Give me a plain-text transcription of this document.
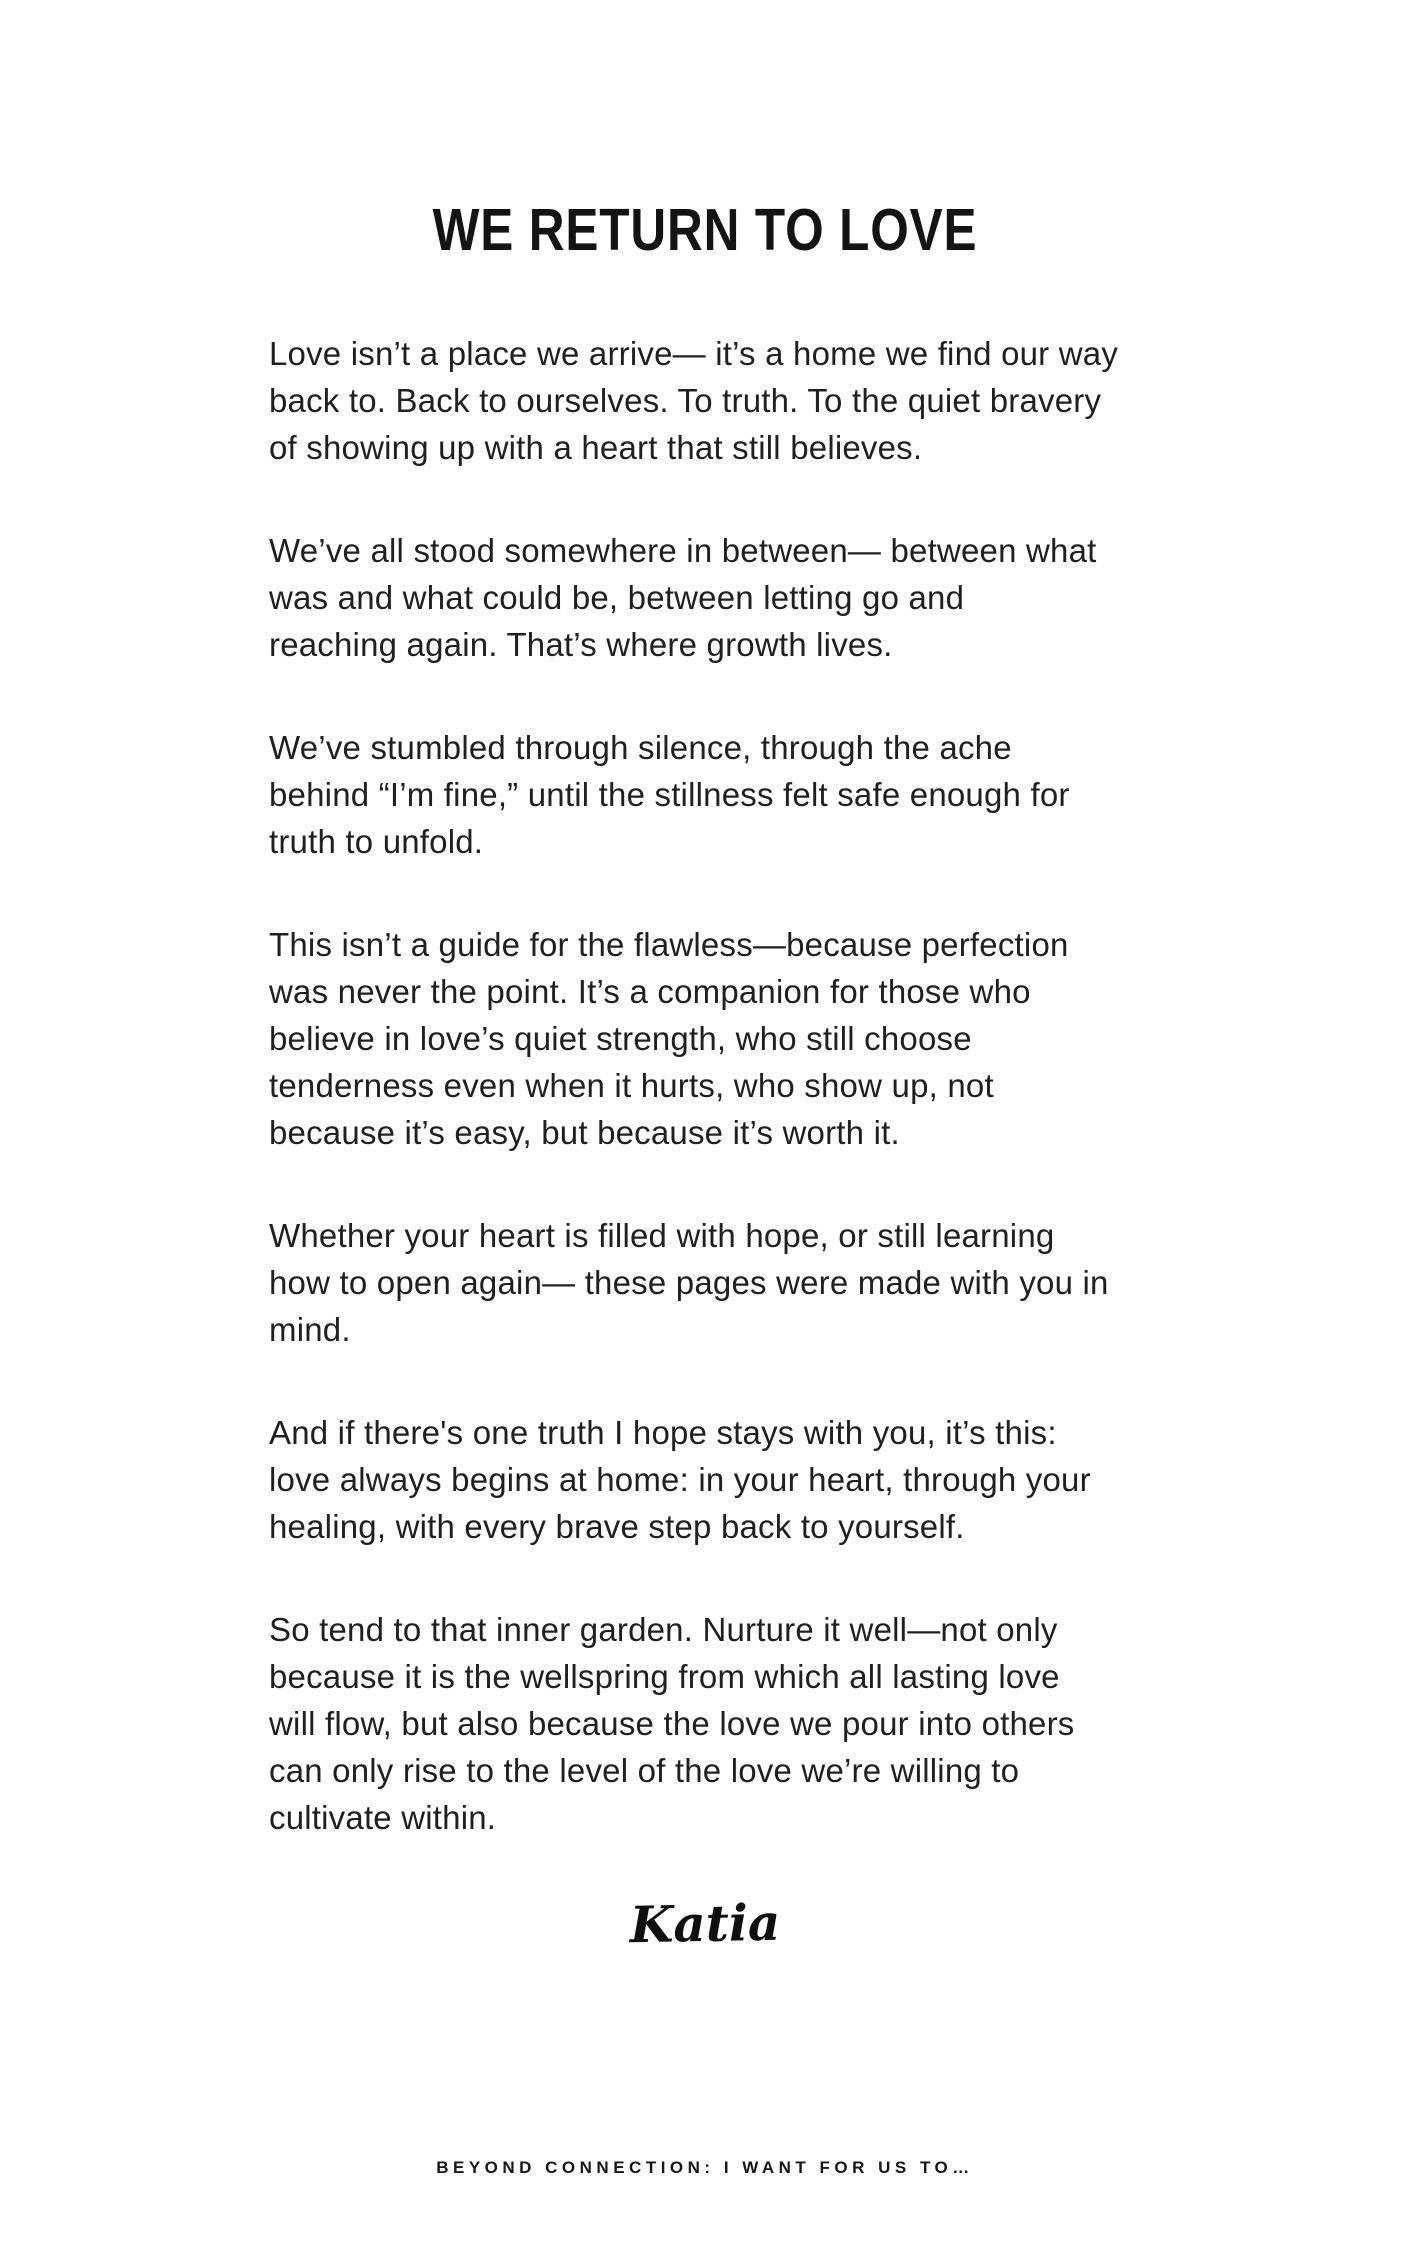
WE RETURN TO LOVE

Love isn’t a place we arrive— it’s a home we find our way
back to. Back to ourselves. To truth. To the quiet bravery
of showing up with a heart that still believes.

We’ve all stood somewhere in between— between what
was and what could be, between letting go and
reaching again. That’s where growth lives.

We’ve stumbled through silence, through the ache
behind “I’m fine,” until the stillness felt safe enough for
truth to unfold.

This isn’t a guide for the flawless—because perfection
was never the point. It’s a companion for those who
believe in love’s quiet strength, who still choose
tenderness even when it hurts, who show up, not
because it’s easy, but because it’s worth it.

Whether your heart is filled with hope, or still learning
how to open again— these pages were made with you in
mind.

And if there's one truth I hope stays with you, it’s this:
love always begins at home: in your heart, through your
healing, with every brave step back to yourself.

So tend to that inner garden. Nurture it well—not only
because it is the wellspring from which all lasting love
will flow, but also because the love we pour into others
can only rise to the level of the love we’re willing to
cultivate within.

Katia
BEYOND CONNECTION: I WANT FOR US TO…
